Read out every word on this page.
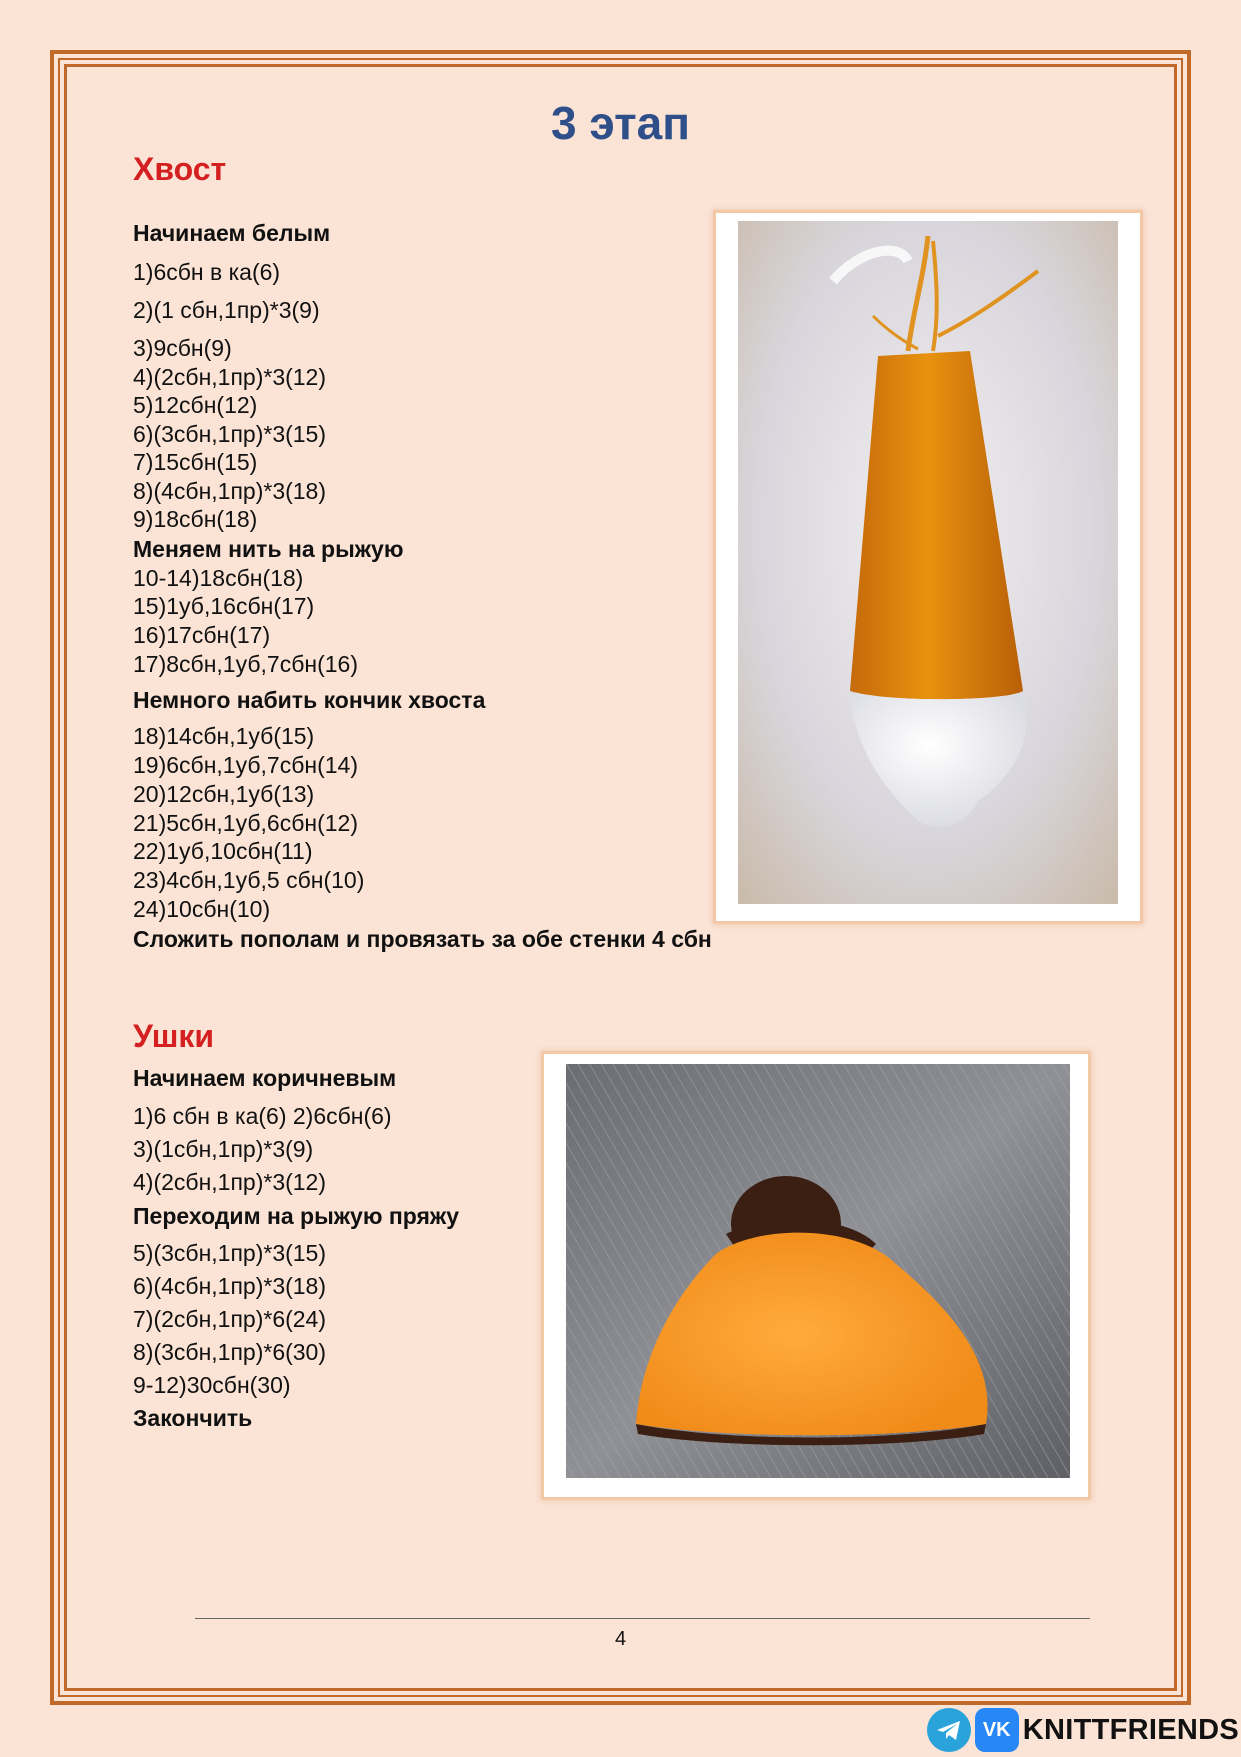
3 этап
Хвост
Начинаем белым
1)6сбн в ка(6)
2)(1 сбн,1пр)*3(9)
3)9сбн(9)
4)(2сбн,1пр)*3(12)
5)12сбн(12)
6)(3сбн,1пр)*3(15)
7)15сбн(15)
8)(4сбн,1пр)*3(18)
9)18сбн(18)
Меняем нить на рыжую
10-14)18сбн(18)
15)1уб,16сбн(17)
16)17сбн(17)
17)8сбн,1уб,7сбн(16)
Немного набить кончик хвоста
18)14сбн,1уб(15)
19)6сбн,1уб,7сбн(14)
20)12сбн,1уб(13)
21)5сбн,1уб,6сбн(12)
22)1уб,10сбн(11)
23)4сбн,1уб,5 сбн(10)
24)10сбн(10)
Сложить пополам и провязать за обе стенки 4 сбн
Ушки
Начинаем коричневым
1)6 сбн в ка(6) 2)6сбн(6)
3)(1сбн,1пр)*3(9)
4)(2сбн,1пр)*3(12)
Переходим на рыжую пряжу
5)(3сбн,1пр)*3(15)
6)(4сбн,1пр)*3(18)
7)(2сбн,1пр)*6(24)
8)(3сбн,1пр)*6(30)
9-12)30сбн(30)
Закончить
4
VK KNITTFRIENDS
